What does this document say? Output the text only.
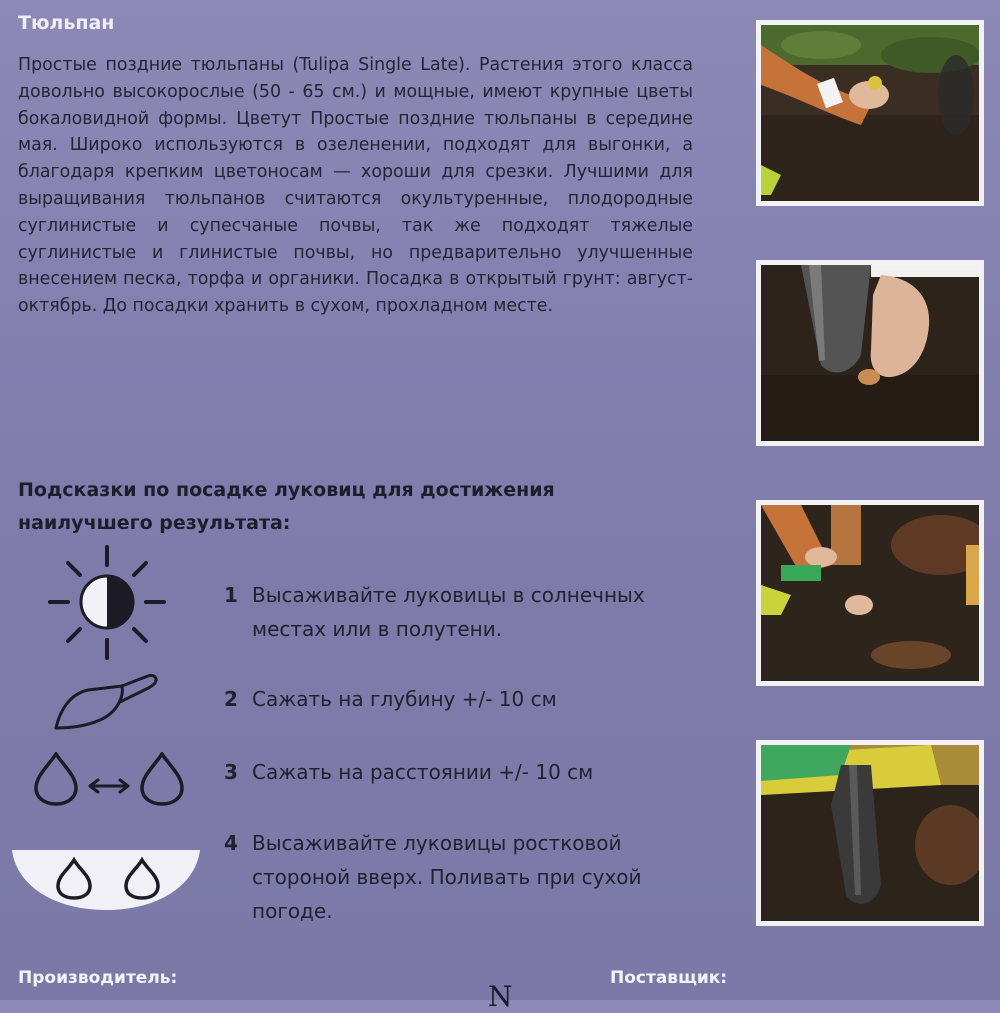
Тюльпан

Простые поздние тюльпаны (Tulipa Single Late). Растения этого класса довольно высокорослые (50 - 65 см.) и мощные, имеют крупные цветы бокаловидной формы. Цветут Простые поздние тюльпаны в середине мая. Широко используются в озеленении, подходят для выгонки, а благодаря крепким цветоносам — хороши для срезки. Лучшими для выращивания тюльпанов считаются окультуренные, плодородные суглинистые и супесчаные почвы, так же подходят тяжелые суглинистые и глинистые почвы, но предварительно улучшенные внесением песка, торфа и органики. Посадка в открытый грунт: август-октябрь. До посадки хранить в сухом, прохладном месте.

Подсказки по посадке луковиц для достижения наилучшего результата:

1 Высаживайте луковицы в солнечных местах или в полутени.
2 Сажать на глубину +/- 10 см
3 Сажать на расстоянии +/- 10 см
4 Высаживайте луковицы ростковой стороной вверх. Поливать при сухой погоде.
Производитель:	Поставщик:
N
